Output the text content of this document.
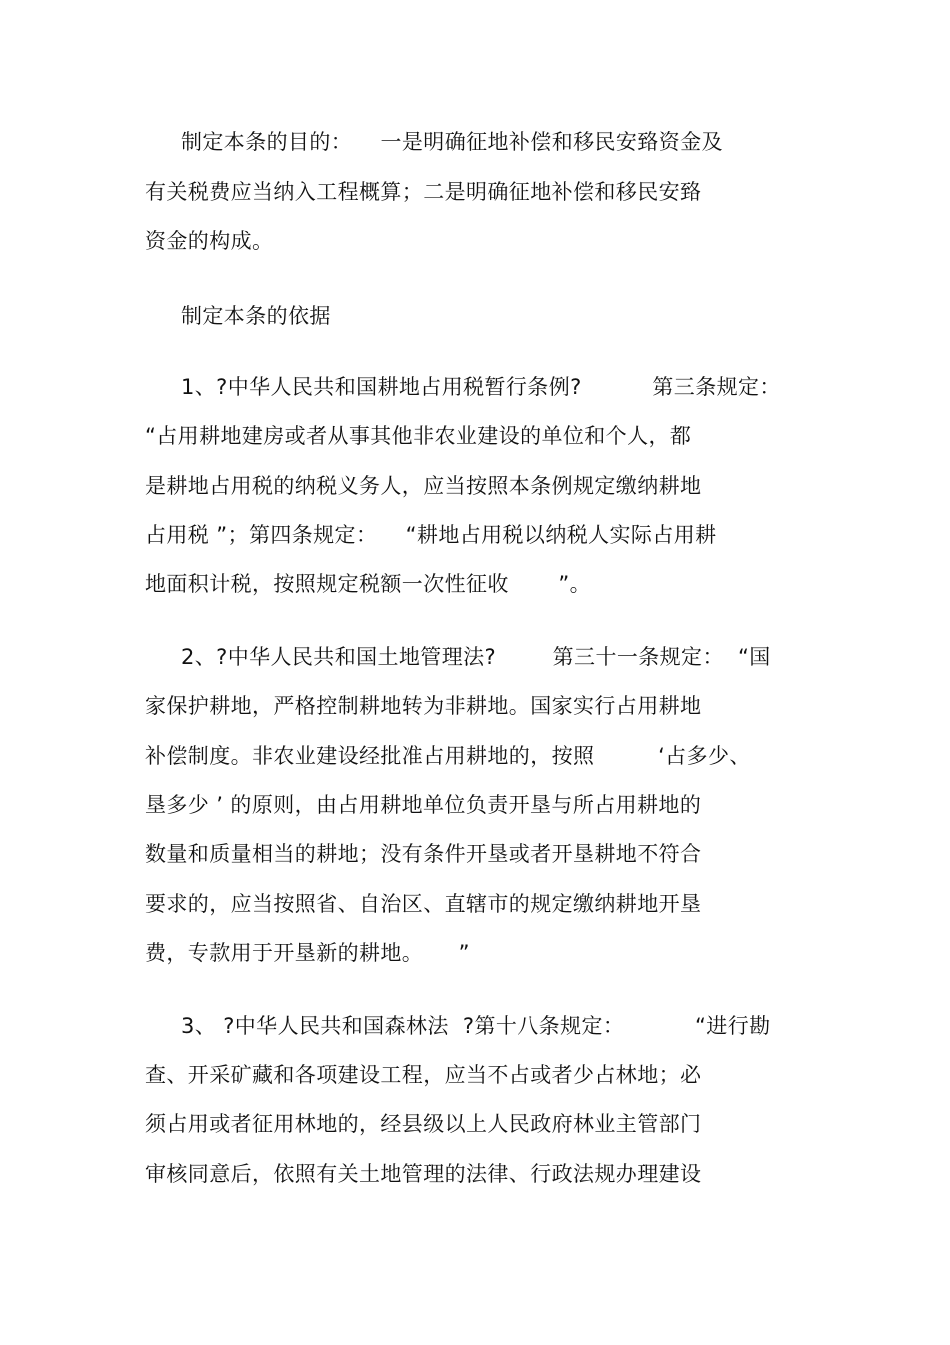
制定本条的目的：    一是明确征地补偿和移民安臵资金及
有关税费应当纳入工程概算；二是明确征地补偿和移民安臵
资金的构成。
制定本条的依据
1、?中华人民共和国耕地占用税暂行条例?          第三条规定：
“占用耕地建房或者从事其他非农业建设的单位和个人，都
是耕地占用税的纳税义务人，应当按照本条例规定缴纳耕地
占用税 ”；第四条规定：    “耕地占用税以纳税人实际占用耕
地面积计税，按照规定税额一次性征收       ”。
2、?中华人民共和国土地管理法?        第三十一条规定：  “国
家保护耕地，严格控制耕地转为非耕地。国家实行占用耕地
补偿制度。非农业建设经批准占用耕地的，按照         ‘占多少、
垦多少 ’ 的原则，由占用耕地单位负责开垦与所占用耕地的
数量和质量相当的耕地；没有条件开垦或者开垦耕地不符合
要求的，应当按照省、自治区、直辖市的规定缴纳耕地开垦
费，专款用于开垦新的耕地。     ”
3、 ?中华人民共和国森林法  ?第十八条规定：          “进行勘
查、开采矿藏和各项建设工程，应当不占或者少占林地；必
须占用或者征用林地的，经县级以上人民政府林业主管部门
审核同意后，依照有关土地管理的法律、行政法规办理建设
